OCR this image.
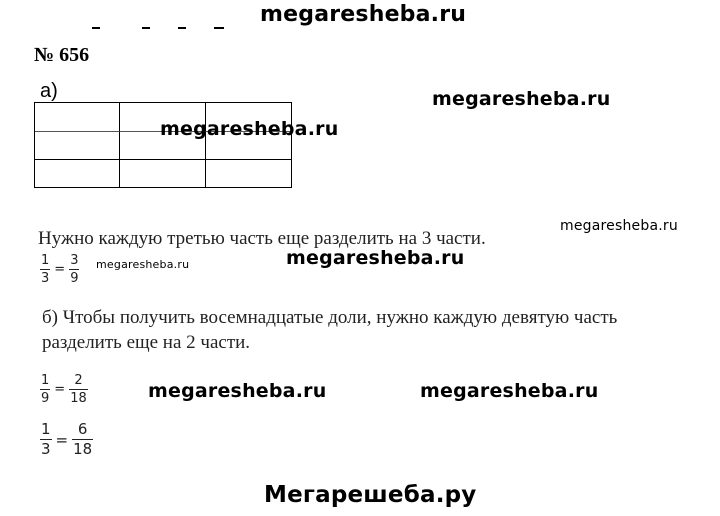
megaresheba.ru
№ 656
а)	megaresheba.ru
megaresheba.ru
Нужно каждую третью часть еще разделить на 3 части.
megaresheba.ru
$\frac{1}{3} = \frac{3}{9}$ megaresheba.ru	megaresheba.ru
б) Чтобы получить восемнадцатые доли, нужно каждую девятую часть
разделить еще на 2 части.
$\frac{1}{9} = \frac{2}{18}$	megaresheba.ru	megaresheba.ru
$\frac{1}{3} = \frac{6}{18}$
Мегарешеба.ру
